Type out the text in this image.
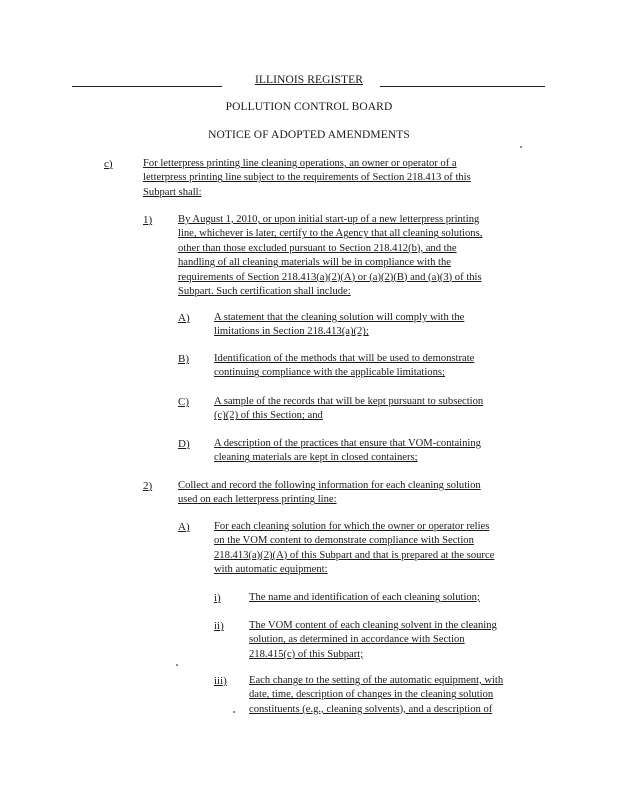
ILLINOIS REGISTER
POLLUTION CONTROL BOARD
NOTICE OF ADOPTED AMENDMENTS
c)	For letterpress printing line cleaning operations, an owner or operator of a
letterpress printing line subject to the requirements of Section 218.413 of this
Subpart shall:
1) By August 1, 2010, or upon initial start-up of a new letterpress printing
line, whichever is later, certify to the Agency that all cleaning solutions,
other than those excluded pursuant to Section 218.412(b), and the
handling of all cleaning materials will be in compliance with the
requirements of Section 218.413(a)(2)(A) or (a)(2)(B) and (a)(3) of this
Subpart. Such certification shall include:
A) A statement that the cleaning solution will comply with the
limitations in Section 218.413(a)(2);
B) Identification of the methods that will be used to demonstrate
continuing compliance with the applicable limitations;
C) A sample of the records that will be kept pursuant to subsection
(c)(2) of this Section; and
D) A description of the practices that ensure that VOM-containing
cleaning materials are kept in closed containers;
2) Collect and record the following information for each cleaning solution
used on each letterpress printing line:
A) For each cleaning solution for which the owner or operator relies
on the VOM content to demonstrate compliance with Section
218.413(a)(2)(A) of this Subpart and that is prepared at the source
with automatic equipment:
i)	The name and identification of each cleaning solution;
ii) The VOM content of each cleaning solvent in the cleaning
solution, as determined in accordance with Section
218.415(c) of this Subpart;
iii) Each change to the setting of the automatic equipment, with
date, time, description of changes in the cleaning solution
constituents (e.g., cleaning solvents), and a description of
